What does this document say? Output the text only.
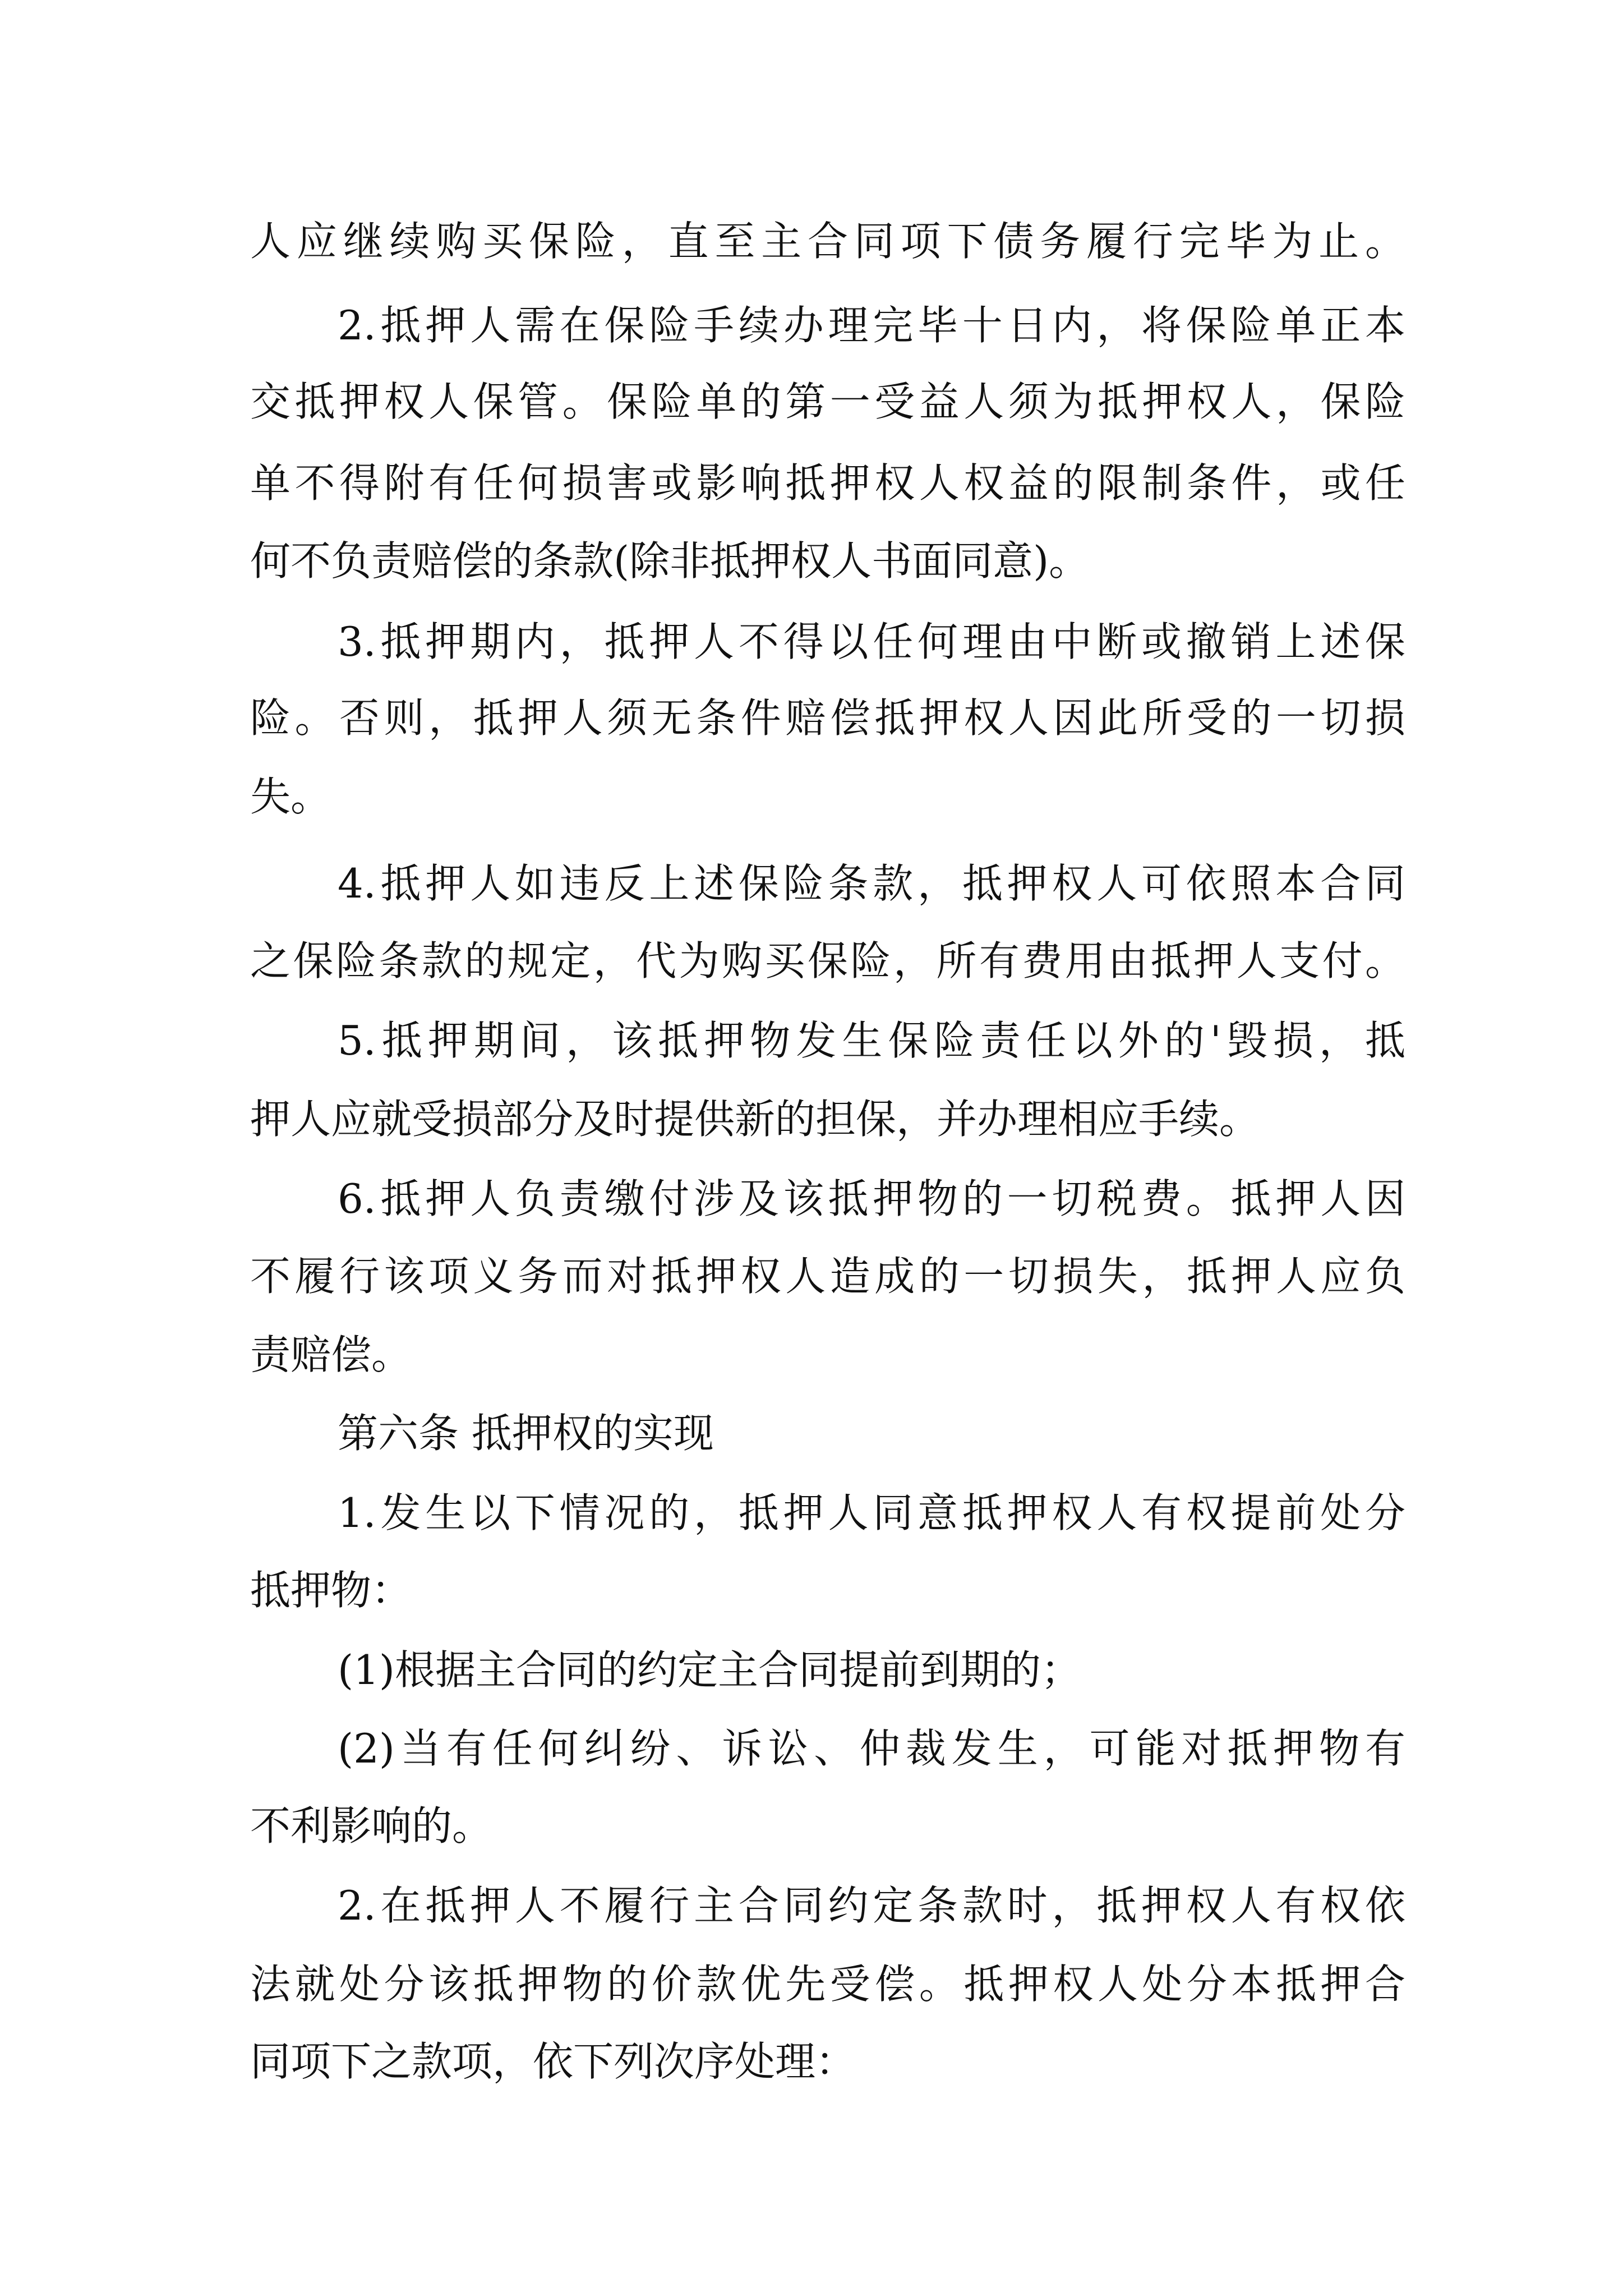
人应继续购买保险，直至主合同项下债务履行完毕为止。
2.抵押人需在保险手续办理完毕十日内，将保险单正本
交抵押权人保管。保险单的第一受益人须为抵押权人，保险
单不得附有任何损害或影响抵押权人权益的限制条件，或任
何不负责赔偿的条款(除非抵押权人书面同意)。
3.抵押期内，抵押人不得以任何理由中断或撤销上述保
险。否则，抵押人须无条件赔偿抵押权人因此所受的一切损
失。
4.抵押人如违反上述保险条款，抵押权人可依照本合同
之保险条款的规定，代为购买保险，所有费用由抵押人支付。
5.抵押期间，该抵押物发生保险责任以外的'毁损，抵
押人应就受损部分及时提供新的担保，并办理相应手续。
6.抵押人负责缴付涉及该抵押物的一切税费。抵押人因
不履行该项义务而对抵押权人造成的一切损失，抵押人应负
责赔偿。
第六条 抵押权的实现
1.发生以下情况的，抵押人同意抵押权人有权提前处分
抵押物：
(1)根据主合同的约定主合同提前到期的；
(2)当有任何纠纷、诉讼、仲裁发生，可能对抵押物有
不利影响的。
2.在抵押人不履行主合同约定条款时，抵押权人有权依
法就处分该抵押物的价款优先受偿。抵押权人处分本抵押合
同项下之款项，依下列次序处理：
